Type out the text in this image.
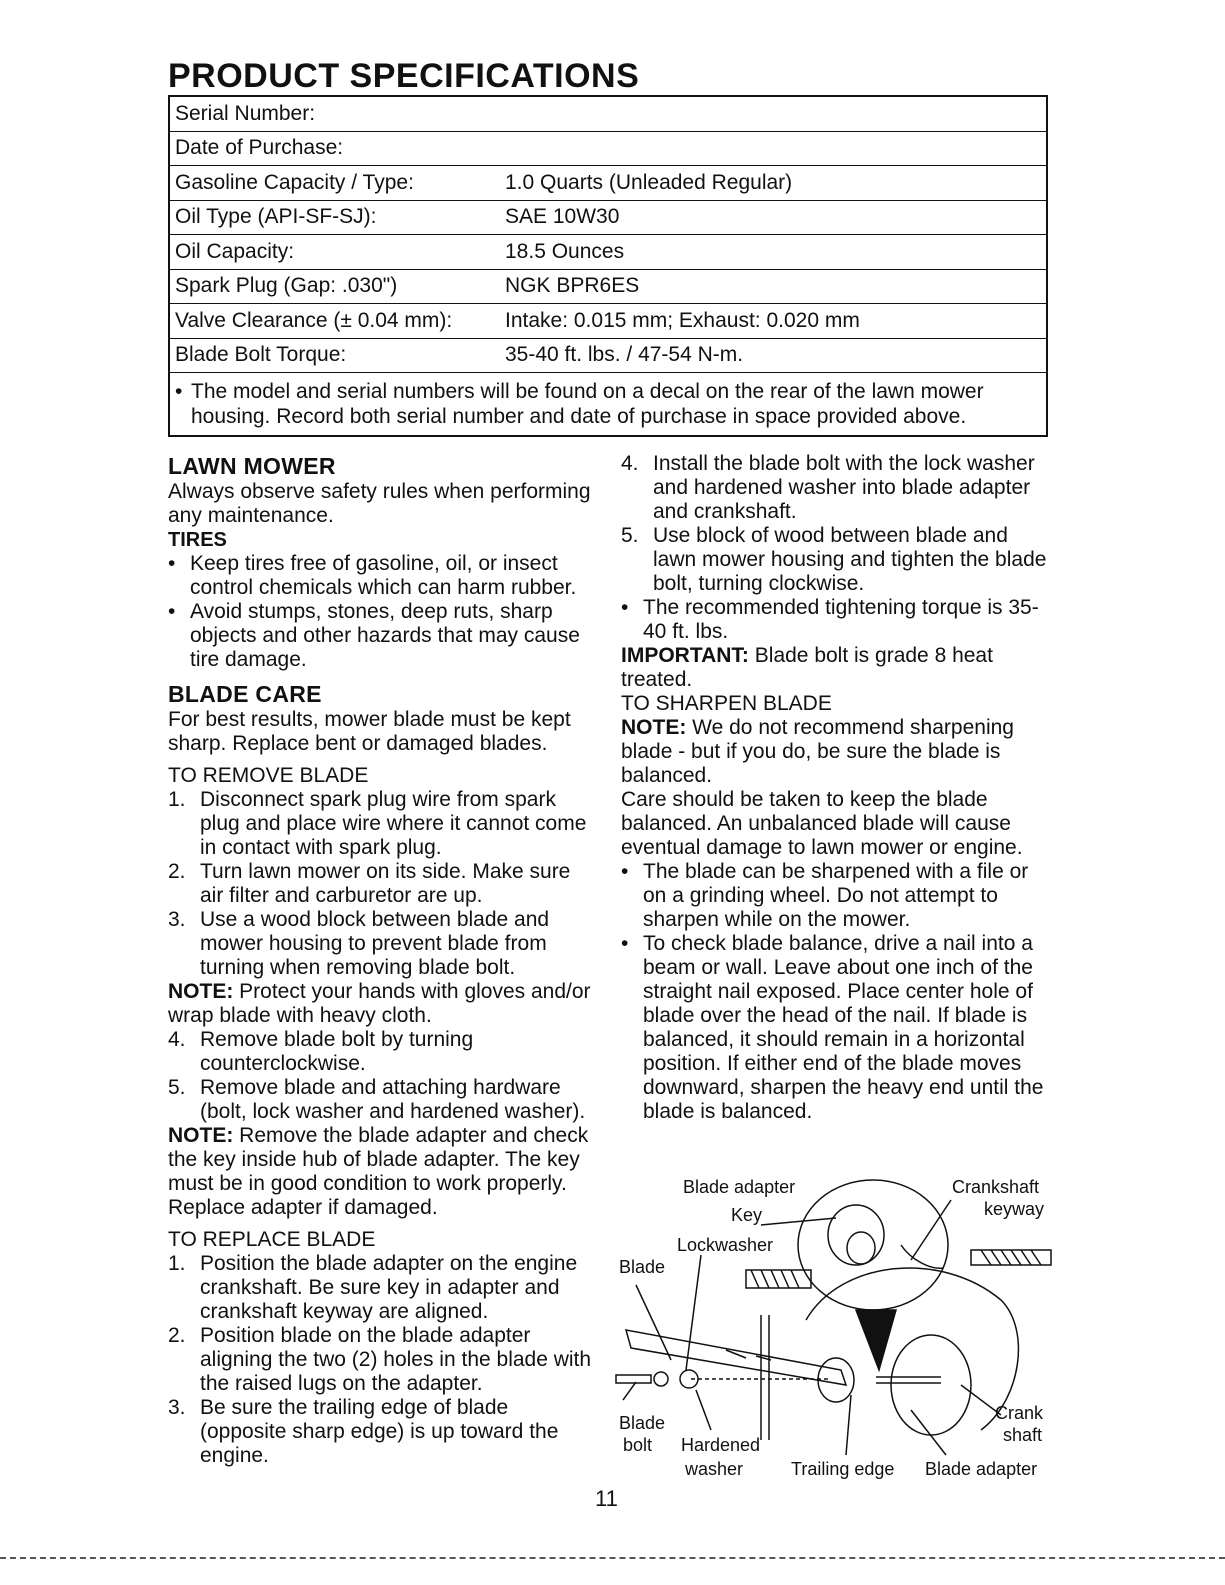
PRODUCT SPECIFICATIONS
Serial Number:
Date of Purchase:
Gasoline Capacity / Type:	1.0 Quarts (Unleaded Regular)
Oil Type (API-SF-SJ):	SAE 10W30
Oil Capacity:	18.5 Ounces
Spark Plug (Gap: .030")	NGK BPR6ES
Valve Clearance (± 0.04 mm):	Intake: 0.015 mm; Exhaust: 0.020 mm
Blade Bolt Torque:	35-40 ft. lbs. / 47-54 N-m.
• The model and serial numbers will be found on a decal on the rear of the lawn mower housing. Record both serial number and date of purchase in space provided above.
LAWN MOWER

Always observe safety rules when performing any maintenance.

TIRES
• Keep tires free of gasoline, oil, or insect control chemicals which can harm rubber.
• Avoid stumps, stones, deep ruts, sharp objects and other hazards that may cause tire damage.
BLADE CARE

For best results, mower blade must be kept sharp. Replace bent or damaged blades.

TO REMOVE BLADE
1. Disconnect spark plug wire from spark plug and place wire where it cannot come in contact with spark plug.
2. Turn lawn mower on its side. Make sure air filter and carburetor are up.
3. Use a wood block between blade and mower housing to prevent blade from turning when removing blade bolt.

NOTE: Protect your hands with gloves and/or wrap blade with heavy cloth.

4. Remove blade bolt by turning counterclockwise.
5. Remove blade and attaching hardware (bolt, lock washer and hardened washer).

NOTE: Remove the blade adapter and check the key inside hub of blade adapter. The key must be in good condition to work properly. Replace adapter if damaged.

TO REPLACE BLADE
1. Position the blade adapter on the engine crankshaft. Be sure key in adapter and crankshaft keyway are aligned.
2. Position blade on the blade adapter aligning the two (2) holes in the blade with the raised lugs on the adapter.
3. Be sure the trailing edge of blade (opposite sharp edge) is up toward the engine.
4. Install the blade bolt with the lock washer and hardened washer into blade adapter and crankshaft.
5. Use block of wood between blade and lawn mower housing and tighten the blade bolt, turning clockwise.
• The recommended tightening torque is 35-40 ft. lbs.

IMPORTANT: Blade bolt is grade 8 heat treated.

TO SHARPEN BLADE

NOTE: We do not recommend sharpening blade - but if you do, be sure the blade is balanced.

Care should be taken to keep the blade balanced. An unbalanced blade will cause eventual damage to lawn mower or engine.

• The blade can be sharpened with a file or on a grinding wheel. Do not attempt to sharpen while on the mower.
• To check blade balance, drive a nail into a beam or wall. Leave about one inch of the straight nail exposed. Place center hole of blade over the head of the nail. If blade is balanced, it should remain in a horizontal position. If either end of the blade moves downward, sharpen the heavy end until the blade is balanced.
Blade adapter
Key
Crankshaft
keyway
Lockwasher
Blade
Blade
bolt Hardened
washer	Trailing edge Blade adapter
Crank
shaft
11
